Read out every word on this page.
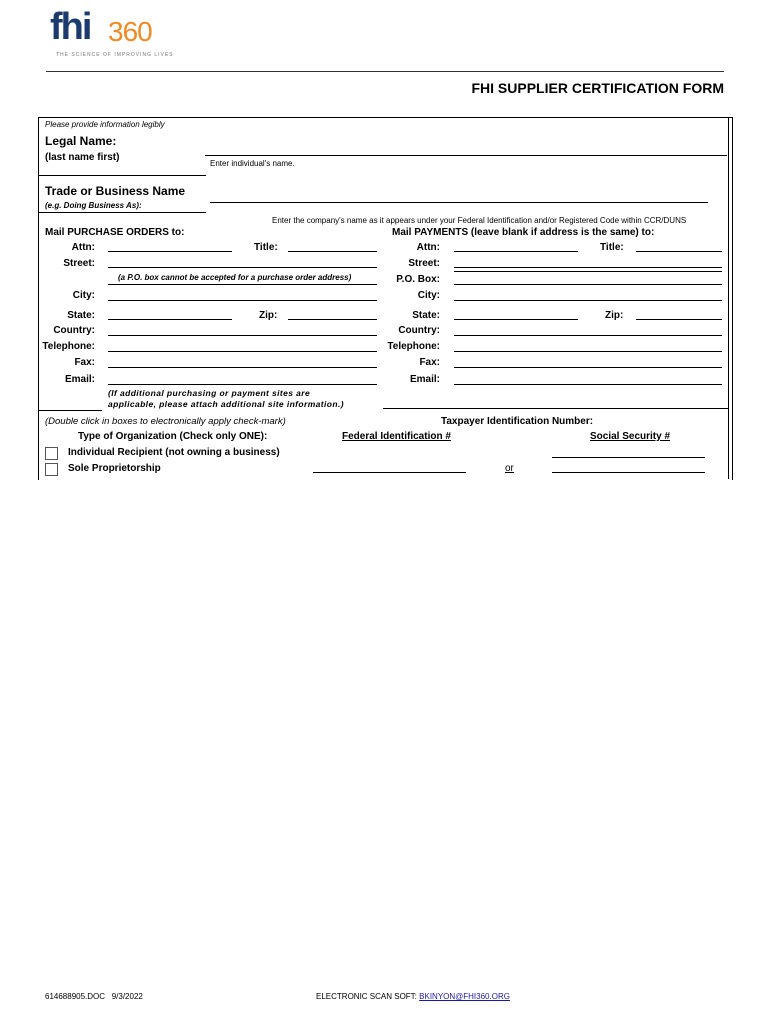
fhi 360
THE SCIENCE OF IMPROVING LIVES
FHI SUPPLIER CERTIFICATION FORM
Please provide information legibly
Legal Name:
(last name first)
Enter individual's name.
Trade or Business Name
(e.g. Doing Business As):
Enter the company's name as it appears under your Federal Identification and/or Registered Code within CCR/DUNS
Mail PURCHASE ORDERS to:
Attn:	Title:
Street:
(a P.O. box cannot be accepted for a purchase order address)
City:
State:	Zip:
Country:
Telephone:
Fax:
Email:
(If additional purchasing or payment sites are
applicable, please attach additional site information.)
Mail PAYMENTS (leave blank if address is the same) to:
Attn:	Title:
Street:
P.O. Box:
City:
State:	Zip:
Country:
Telephone:
Fax:
Email:
(Double click in boxes to electronically apply check-mark)
Type of Organization (Check only ONE):
Individual Recipient (not owning a business)
Sole Proprietorship
Taxpayer Identification Number:
Federal Identification #	Social Security #
or
614688905.DOC   9/3/2022	ELECTRONIC SCAN SOFT: BKINYON@FHI360.ORG
